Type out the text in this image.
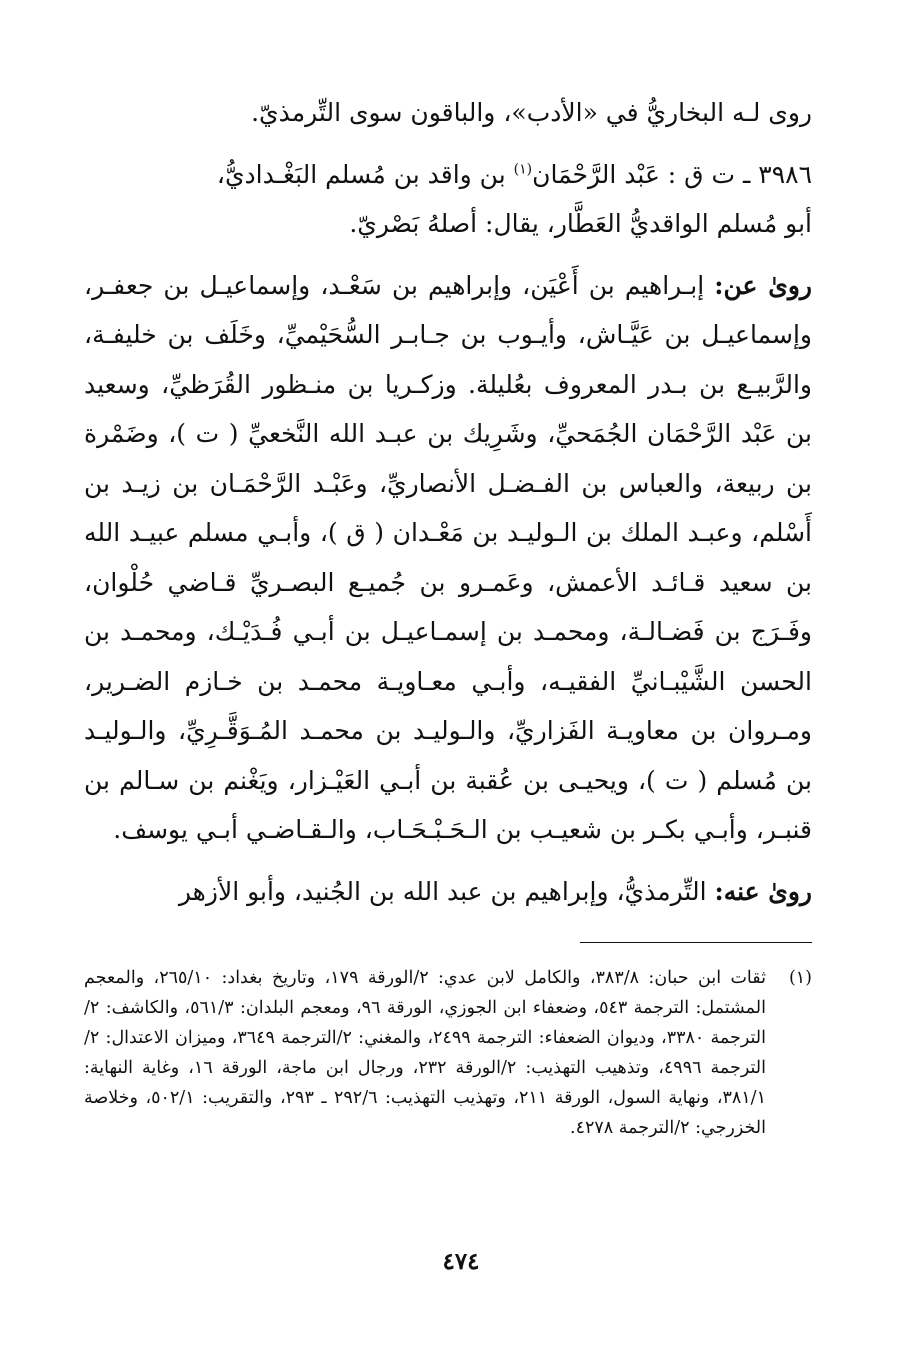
روى لـه البخاريُّ في «الأدب»، والباقون سوى التِّرمذيّ.

٣٩٨٦ ـ ت ق : عَبْد الرَّحْمَان$^{(١)}$ بن واقد بن مُسلم البَغْـداديُّ،

أبو مُسلم الواقديُّ العَطَّار، يقال: أصلهُ بَصْريّ.

روىٰ عن: إبـراهيم بن أَعْيَن، وإبراهيم بن سَعْـد، وإسماعيـل بن جعفـر، وإسماعيـل بن عَيَّـاش، وأيـوب بن جـابـر السُّحَيْميِّ، وخَلَف بن خليفـة، والرَّبيـع بن بـدر المعروف بعُليلة. وزكـريا بن منـظور القُرَظيِّ، وسعيد بن عَبْد الرَّحْمَان الجُمَحيِّ، وشَرِيك بن عبـد الله النَّخعيِّ ( ت )، وضَمْرة بن ربيعة، والعباس بن الفـضـل الأنصاريِّ، وعَبْـد الرَّحْمَـان بن زيـد بن أَسْلم، وعبـد الملك بن الـوليـد بن مَعْـدان ( ق )، وأبـي مسلم عبيـد الله بن سعيد قـائـد الأعمش، وعَمـرو بن جُميـع البصـريِّ قـاضي حُلْوان، وفَـرَج بن فَضـالـة، ومحمـد بن إسمـاعيـل بن أبـي فُـدَيْـك، ومحمـد بن الحسن الشَّيْبـانيِّ الفقيـه، وأبـي معـاويـة محمـد بن خـازم الضـرير، ومـروان بن معاويـة الفَزاريِّ، والـوليـد بن محمـد المُـوَقَّـرِيِّ، والـوليـد بن مُسلم ( ت )، ويحيـى بن عُقبة بن أبـي العَيْـزار، ويَغْنم بن سـالم بن قنبـر، وأبـي بكـر بن شعيـب بن الـحَـبْـحَـاب، والـقـاضـي أبـي يوسف.

روىٰ عنه: التِّرمذيُّ، وإبراهيم بن عبد الله بن الجُنيد، وأبو الأزهر

(١)
ثقات ابن حبان: ٣٨٣/٨، والكامل لابن عدي: ٢/الورقة ١٧٩، وتاريخ بغداد: ٢٦٥/١٠، والمعجم المشتمل: الترجمة ٥٤٣، وضعفاء ابن الجوزي، الورقة ٩٦، ومعجم البلدان: ٥٦١/٣، والكاشف: ٢/الترجمة ٣٣٨٠، وديوان الضعفاء: الترجمة ٢٤٩٩، والمغني: ٢/الترجمة ٣٦٤٩، وميزان الاعتدال: ٢/الترجمة ٤٩٩٦، وتذهيب التهذيب: ٢/الورقة ٢٣٢، ورجال ابن ماجة، الورقة ١٦، وغاية النهاية: ٣٨١/١، ونهاية السول، الورقة ٢١١، وتهذيب التهذيب: ٢٩٢/٦ ـ ٢٩٣، والتقريب: ٥٠٢/١، وخلاصة الخزرجي: ٢/الترجمة ٤٢٧٨.
٤٧٤
